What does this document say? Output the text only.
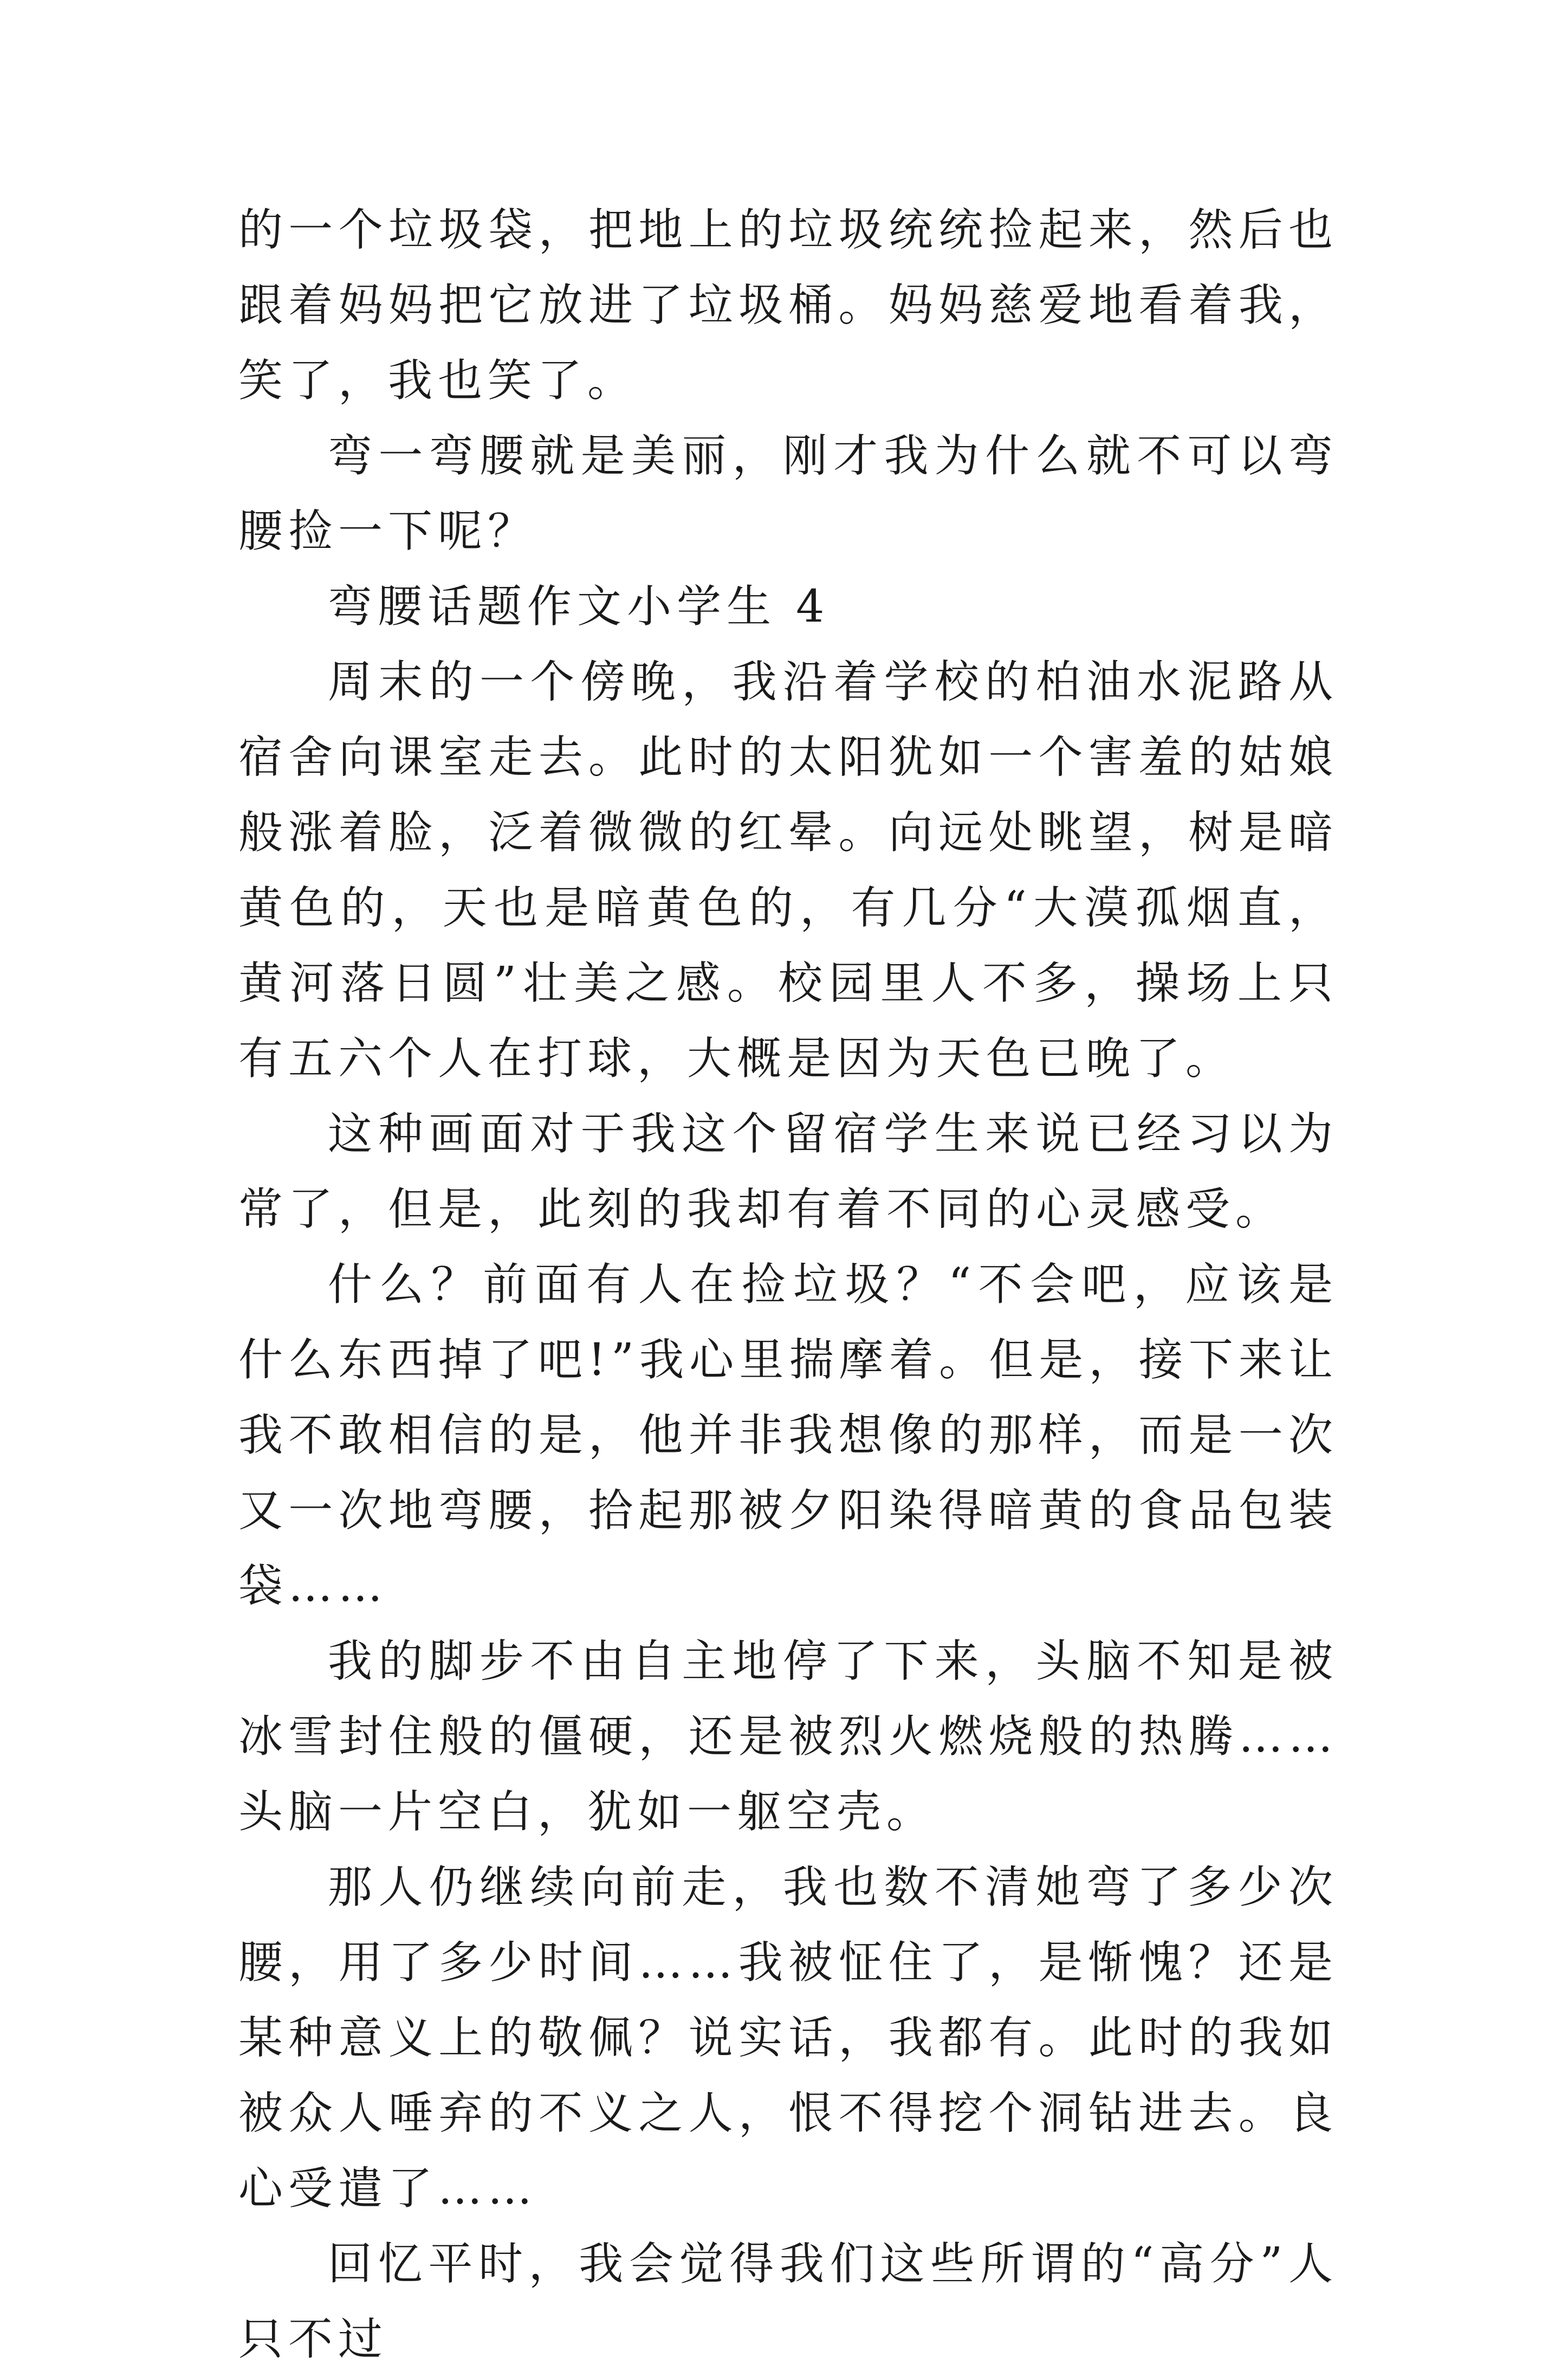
的一个垃圾袋，把地上的垃圾统统捡起来，然后也跟着妈妈把它放进了垃圾桶。妈妈慈爱地看着我，笑了，我也笑了。

弯一弯腰就是美丽，刚才我为什么就不可以弯腰捡一下呢？

弯腰话题作文小学生 4

周末的一个傍晚，我沿着学校的柏油水泥路从宿舍向课室走去。此时的太阳犹如一个害羞的姑娘般涨着脸，泛着微微的红晕。向远处眺望，树是暗黄色的，天也是暗黄色的，有几分“大漠孤烟直，黄河落日圆”壮美之感。校园里人不多，操场上只有五六个人在打球，大概是因为天色已晚了。

这种画面对于我这个留宿学生来说已经习以为常了，但是，此刻的我却有着不同的心灵感受。

什么？前面有人在捡垃圾？“不会吧，应该是什么东西掉了吧!”我心里揣摩着。但是，接下来让我不敢相信的是，他并非我想像的那样，而是一次又一次地弯腰，拾起那被夕阳染得暗黄的食品包装袋……

我的脚步不由自主地停了下来，头脑不知是被冰雪封住般的僵硬，还是被烈火燃烧般的热腾……头脑一片空白，犹如一躯空壳。

那人仍继续向前走，我也数不清她弯了多少次腰，用了多少时间……我被怔住了，是惭愧？还是某种意义上的敬佩？说实话，我都有。此时的我如被众人唾弃的不义之人，恨不得挖个洞钻进去。良心受遣了……

回忆平时，我会觉得我们这些所谓的“高分”人只不过
